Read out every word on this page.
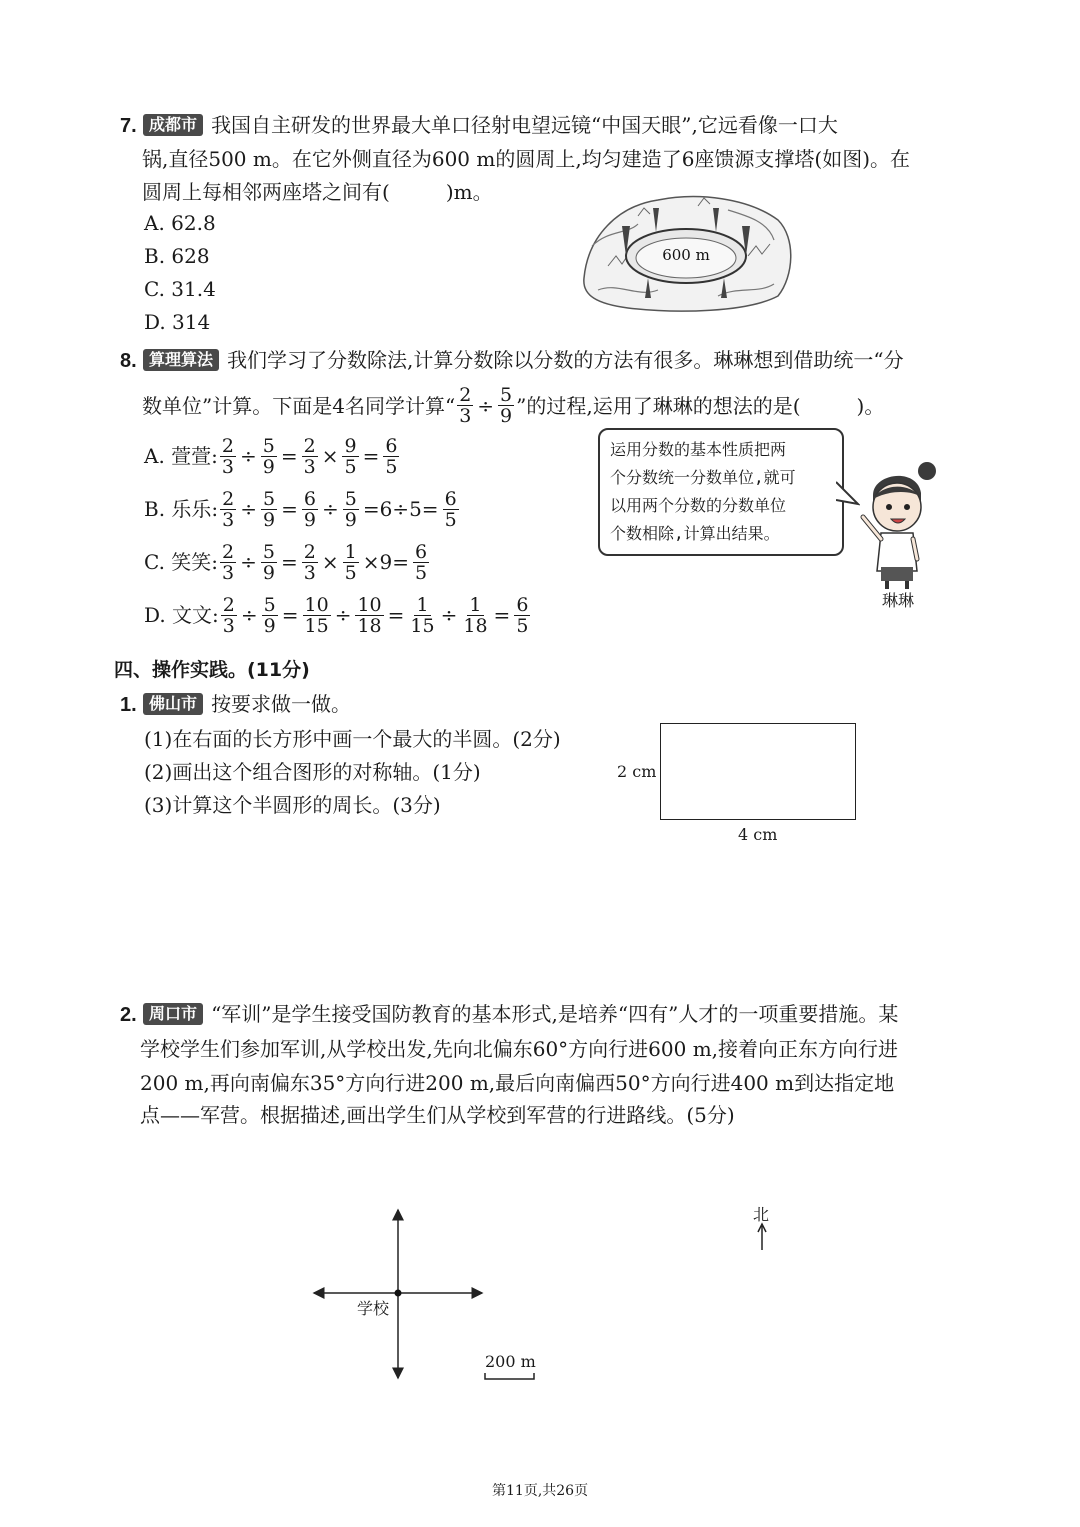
7. 成都市 我国自主研发的世界最大单口径射电望远镜“中国天眼”,它远看像一口大
锅,直径500 m。在它外侧直径为600 m的圆周上,均匀建造了6座馈源支撑塔(如图)。在
圆周上每相邻两座塔之间有(	)m。
A. 62.8
B. 628
C. 31.4
D. 314
600 m
8. 算理算法 我们学习了分数除法,计算分数除以分数的方法有很多。琳琳想到借助统一“分
数单位”计算。下面是4名同学计算“ $\frac{2}{3} \div \frac{5}{9}$ ”的过程,运用了琳琳的想法的是(	)。
A. 萱萱: $\frac{2}{3} \div \frac{5}{9} = \frac{2}{3} \times \frac{9}{5} = \frac{6}{5}$
B. 乐乐: $\frac{2}{3} \div \frac{5}{9} = \frac{6}{9} \div \frac{5}{9} =6\div 5= \frac{6}{5}$
C. 笑笑: $\frac{2}{3} \div \frac{5}{9} = \frac{2}{3} \times \frac{1}{5} \times 9= \frac{6}{5}$
D. 文文: $\frac{2}{3} \div \frac{5}{9} = \frac{10}{15} \div \frac{10}{18} = \frac{1}{15} \div \frac{1}{18} = \frac{6}{5}$
运用分数的基本性质把两
个分数统一分数单位,就可
以用两个分数的分数单位
个数相除,计算出结果。
琳琳
四、操作实践。(11分)
1. 佛山市 按要求做一做。
(1)在右面的长方形中画一个最大的半圆。(2分)
(2)画出这个组合图形的对称轴。(1分)
(3)计算这个半圆形的周长。(3分)
2 cm
4 cm
2. 周口市 “军训”是学生接受国防教育的基本形式,是培养“四有”人才的一项重要措施。某
学校学生们参加军训,从学校出发,先向北偏东60°方向行进600 m,接着向正东方向行进
200 m,再向南偏东35°方向行进200 m,最后向南偏西50°方向行进400 m到达指定地
点——军营。根据描述,画出学生们从学校到军营的行进路线。(5分)
学校
北
200 m
第11页,共26页
